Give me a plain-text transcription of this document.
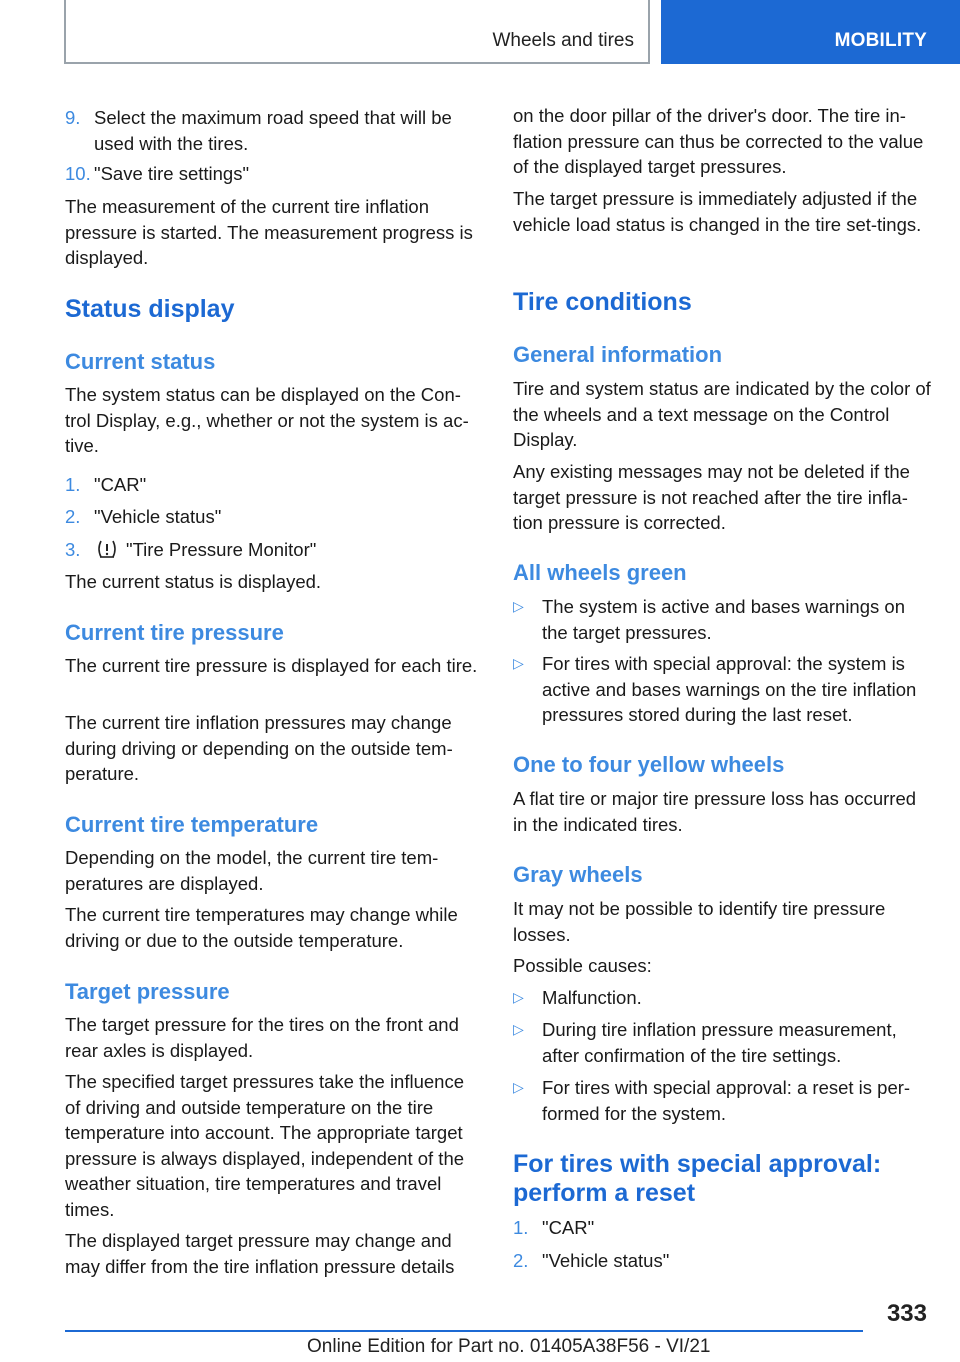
Wheels and tires	MOBILITY
9. Select the maximum road speed that will be used with the tires.
10. "Save tire settings"

The measurement of the current tire inflation pressure is started. The measurement progress is displayed.

Status display
Current status

The system status can be displayed on the Con‐trol Display, e.g., whether or not the system is ac‐tive.

1. "CAR"
2. "Vehicle status"
3.	"Tire Pressure Monitor"

The current status is displayed.

Current tire pressure

The current tire pressure is displayed for each tire.

The current tire inflation pressures may change during driving or depending on the outside tem‐perature.

Current tire temperature

Depending on the model, the current tire tem‐peratures are displayed.

The current tire temperatures may change while driving or due to the outside temperature.

Target pressure

The target pressure for the tires on the front and rear axles is displayed.

The specified target pressures take the influence of driving and outside temperature on the tire temperature into account. The appropriate target pressure is always displayed, independent of the weather situation, tire temperatures and travel times.

The displayed target pressure may change and may differ from the tire inflation pressure details

on the door pillar of the driver's door. The tire in‐flation pressure can thus be corrected to the value of the displayed target pressures.

The target pressure is immediately adjusted if the vehicle load status is changed in the tire set‐tings.

Tire conditions
General information

Tire and system status are indicated by the color of the wheels and a text message on the Control Display.

Any existing messages may not be deleted if the target pressure is not reached after the tire infla‐tion pressure is corrected.

All wheels green
▷ The system is active and bases warnings on the target pressures.
▷ For tires with special approval: the system is active and bases warnings on the tire inflation pressures stored during the last reset.
One to four yellow wheels

A flat tire or major tire pressure loss has occurred in the indicated tires.

Gray wheels

It may not be possible to identify tire pressure losses.

Possible causes:

▷ Malfunction.
▷ During tire inflation pressure measurement, after confirmation of the tire settings.
▷ For tires with special approval: a reset is per‐formed for the system.
For tires with special approval: perform a reset
1. "CAR"
2. "Vehicle status"
333
Online Edition for Part no. 01405A38F56 - VI/21
